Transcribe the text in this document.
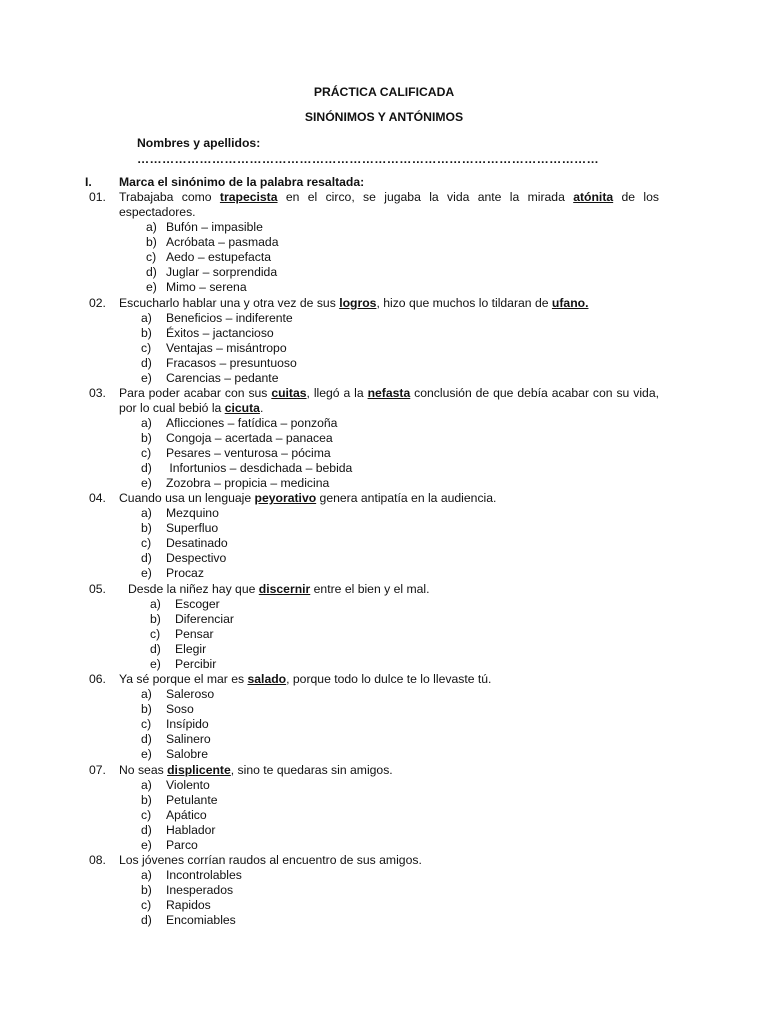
PRÁCTICA CALIFICADA
SINÓNIMOS Y ANTÓNIMOS
Nombres y apellidos:
…………………………………………………………………………………………………
I. Marca el sinónimo de la palabra resaltada:
01.	Trabajaba como trapecista en el circo, se jugaba la vida ante la mirada atónita de los espectadores.
a) Bufón – impasible
b) Acróbata – pasmada
c) Aedo – estupefacta
d) Juglar – sorprendida
e) Mimo – serena
02.	Escucharlo hablar una y otra vez de sus logros, hizo que muchos lo tildaran de ufano.
a) Beneficios – indiferente
b) Éxitos – jactancioso
c) Ventajas – misántropo
d) Fracasos – presuntuoso
e) Carencias – pedante
03.	Para poder acabar con sus cuitas, llegó a la nefasta conclusión de que debía acabar con su vida, por lo cual bebió la cicuta.
a) Aflicciones – fatídica – ponzoña
b) Congoja – acertada – panacea
c) Pesares – venturosa – pócima
d) Infortunios – desdichada – bebida
e) Zozobra – propicia – medicina
04.	Cuando usa un lenguaje peyorativo genera antipatía en la audiencia.
a) Mezquino
b) Superfluo
c) Desatinado
d) Despectivo
e) Procaz
05.	Desde la niñez hay que discernir entre el bien y el mal.
a) Escoger
b) Diferenciar
c) Pensar
d) Elegir
e) Percibir
06.	Ya sé porque el mar es salado, porque todo lo dulce te lo llevaste tú.
a) Saleroso
b) Soso
c) Insípido
d) Salinero
e) Salobre
07.	No seas displicente, sino te quedaras sin amigos.
a) Violento
b) Petulante
c) Apático
d) Hablador
e) Parco
08.	Los jóvenes corrían raudos al encuentro de sus amigos.
a) Incontrolables
b) Inesperados
c) Rapidos
d) Encomiables
